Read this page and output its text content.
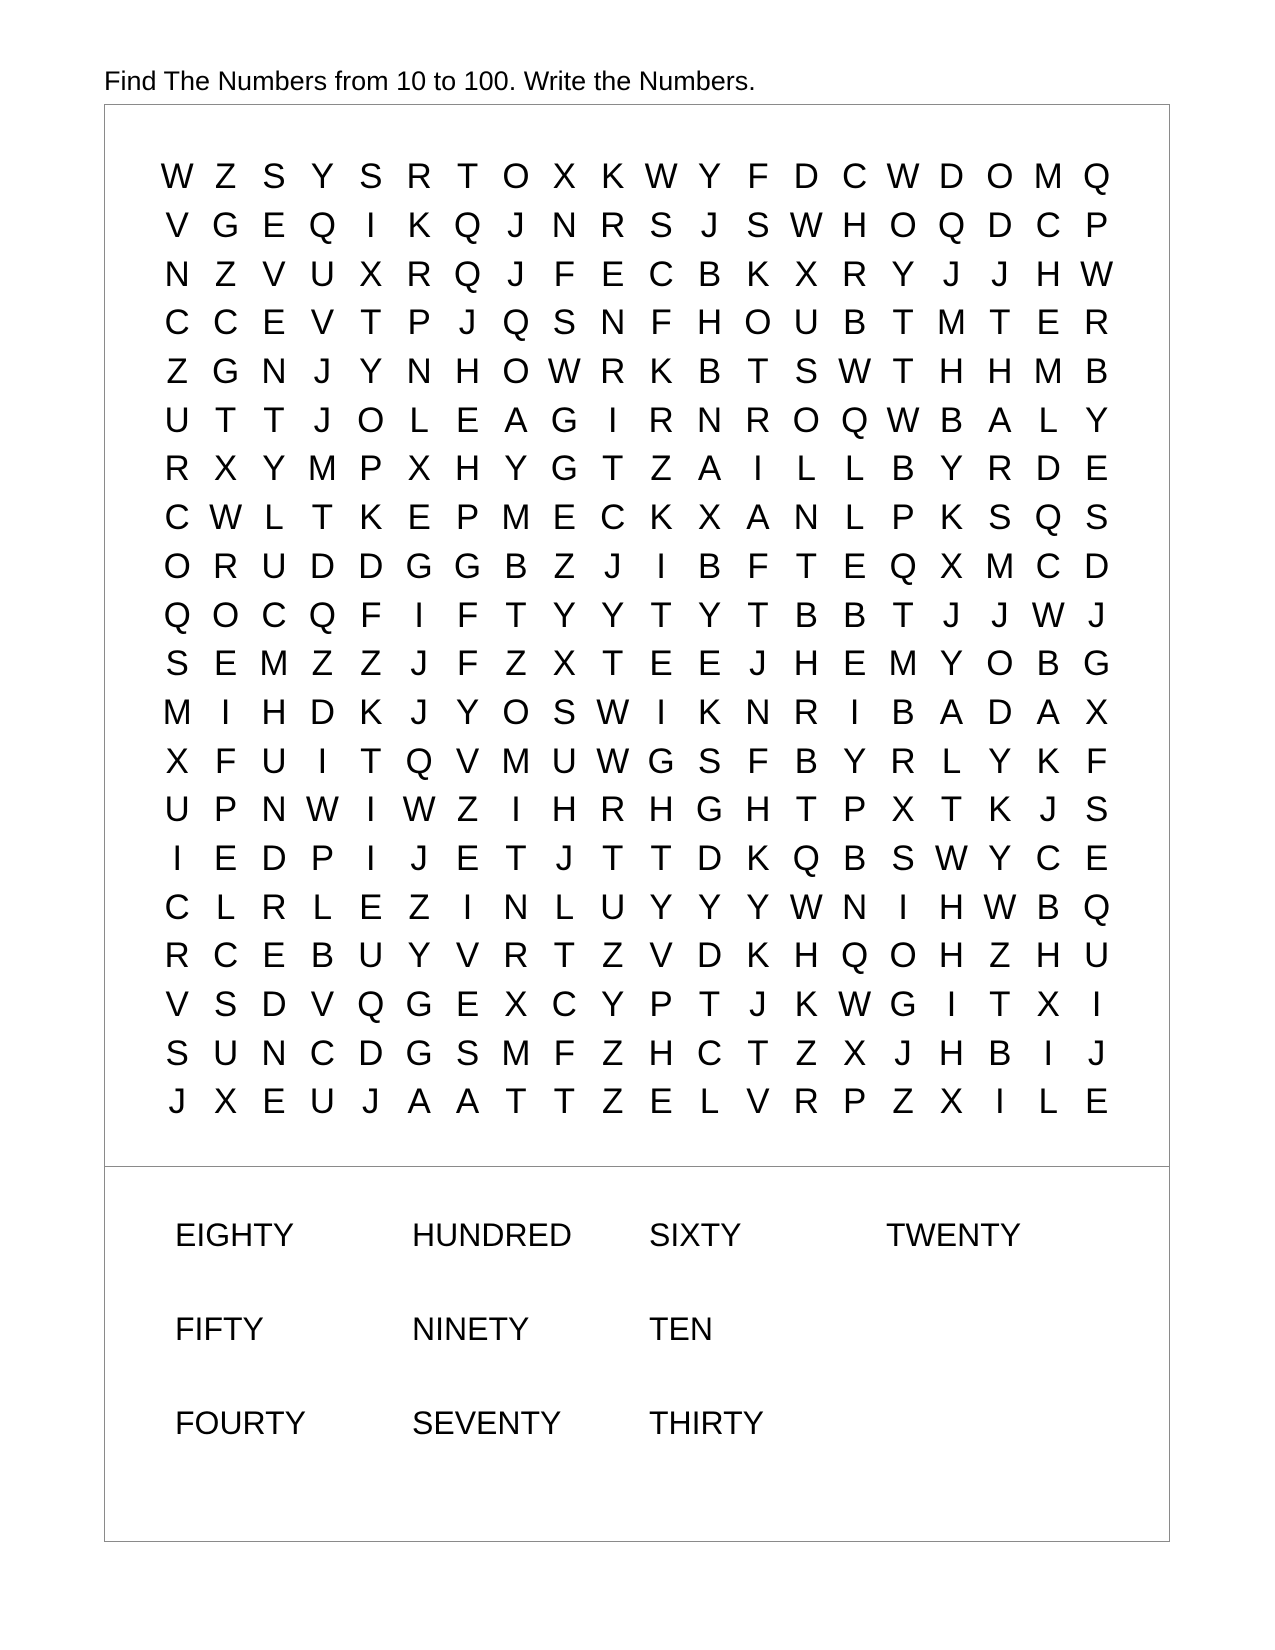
Find The Numbers from 10 to 100. Write the Numbers.
W Z S Y S R T O X K W Y F D C W D O M Q
V G E Q I K Q J N R S J S W H O Q D C P
N Z V U X R Q J F E C B K X R Y J J H W
C C E V T P J Q S N F H O U B T M T E R
Z G N J Y N H O W R K B T S W T H H M B
U T T J O L E A G I R N R O Q W B A L Y
R X Y M P X H Y G T Z A I L L B Y R D E
C W L T K E P M E C K X A N L P K S Q S
O R U D D G G B Z J I B F T E Q X M C D
Q O C Q F I F T Y Y T Y T B B T J J W J
S E M Z Z J F Z X T E E J H E M Y O B G
M I H D K J Y O S W I K N R I B A D A X
X F U I T Q V M U W G S F B Y R L Y K F
U P N W I W Z I H R H G H T P X T K J S
I E D P I J E T J T T D K Q B S W Y C E
C L R L E Z I N L U Y Y Y W N I H W B Q
R C E B U Y V R T Z V D K H Q O H Z H U
V S D V Q G E X C Y P T J K W G I T X I
S U N C D G S M F Z H C T Z X J H B I J
J X E U J A A T T Z E L V R P Z X I L E
EIGHTY	HUNDRED SIXTY	TWENTY
FIFTY	NINETY	TEN
FOURTY	SEVENTY	THIRTY
